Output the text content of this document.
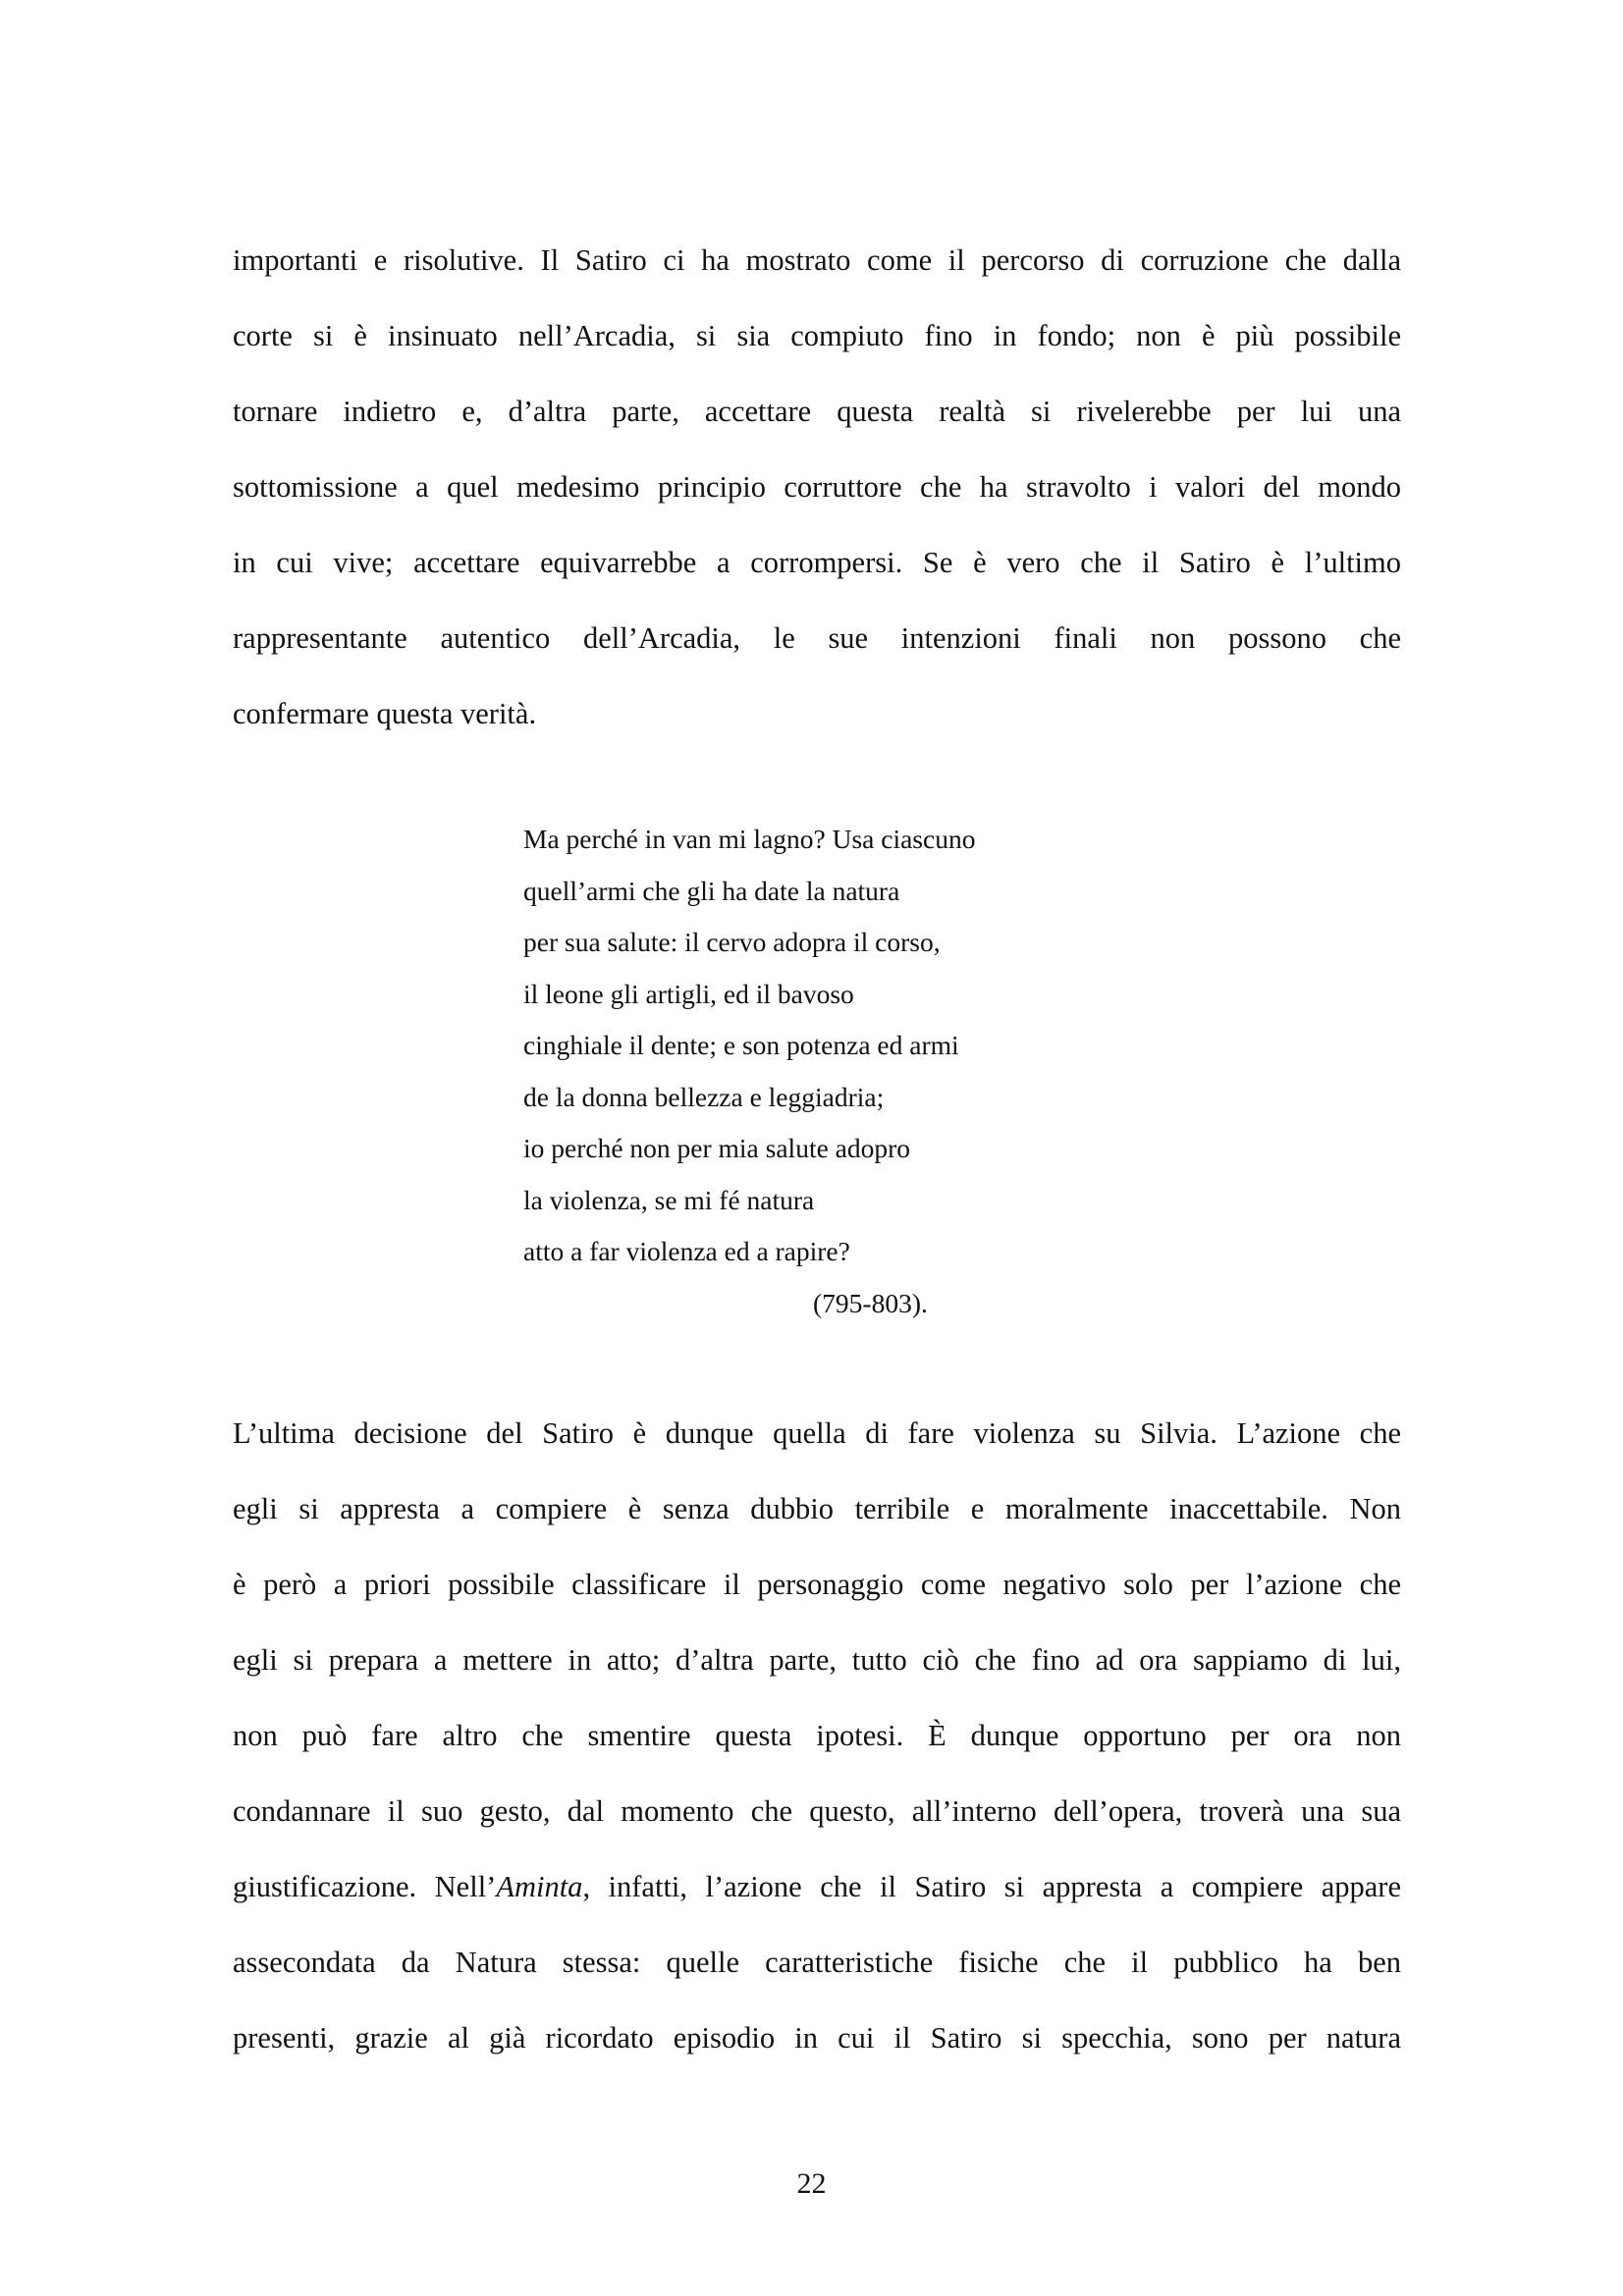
importanti e risolutive. Il Satiro ci ha mostrato come il percorso di corruzione che dalla
corte si è insinuato nell’Arcadia, si sia compiuto fino in fondo; non è più possibile
tornare indietro e, d’altra parte, accettare questa realtà si rivelerebbe per lui una
sottomissione a quel medesimo principio corruttore che ha stravolto i valori del mondo
in cui vive; accettare equivarrebbe a corrompersi. Se è vero che il Satiro è l’ultimo
rappresentante autentico dell’Arcadia, le sue intenzioni finali non possono che
confermare questa verità.
Ma perché in van mi lagno? Usa ciascuno
quell’armi che gli ha date la natura
per sua salute: il cervo adopra il corso,
il leone gli artigli, ed il bavoso
cinghiale il dente; e son potenza ed armi
de la donna bellezza e leggiadria;
io perché non per mia salute adopro
la violenza, se mi fé natura
atto a far violenza ed a rapire?
(795-803).
L’ultima decisione del Satiro è dunque quella di fare violenza su Silvia. L’azione che
egli si appresta a compiere è senza dubbio terribile e moralmente inaccettabile. Non
è però a priori possibile classificare il personaggio come negativo solo per l’azione che
egli si prepara a mettere in atto; d’altra parte, tutto ciò che fino ad ora sappiamo di lui,
non può fare altro che smentire questa ipotesi. È dunque opportuno per ora non
condannare il suo gesto, dal momento che questo, all’interno dell’opera, troverà una sua
giustificazione. Nell’Aminta, infatti, l’azione che il Satiro si appresta a compiere appare
assecondata da Natura stessa: quelle caratteristiche fisiche che il pubblico ha ben
presenti, grazie al già ricordato episodio in cui il Satiro si specchia, sono per natura
22
